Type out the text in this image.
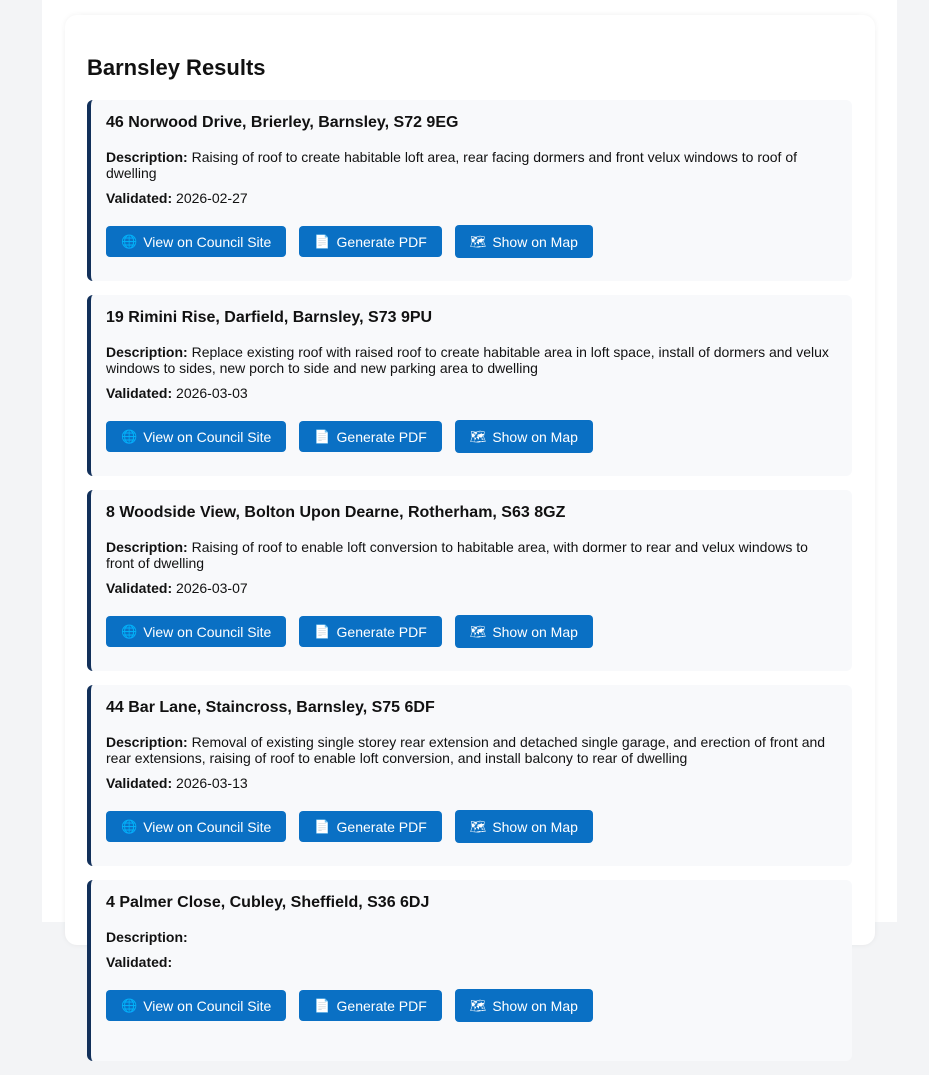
Barnsley Results
46 Norwood Drive, Brierley, Barnsley, S72 9EG

Description: Raising of roof to create habitable loft area, rear facing dormers and front velux windows to roof of dwelling

Validated: 2026-02-27

🌐 View on Council Site	📄 Generate PDF	🗺 Show on Map
19 Rimini Rise, Darfield, Barnsley, S73 9PU

Description: Replace existing roof with raised roof to create habitable area in loft space, install of dormers and velux windows to sides, new porch to side and new parking area to dwelling

Validated: 2026-03-03

🌐 View on Council Site	📄 Generate PDF	🗺 Show on Map
8 Woodside View, Bolton Upon Dearne, Rotherham, S63 8GZ

Description: Raising of roof to enable loft conversion to habitable area, with dormer to rear and velux windows to front of dwelling

Validated: 2026-03-07

🌐 View on Council Site	📄 Generate PDF	🗺 Show on Map
44 Bar Lane, Staincross, Barnsley, S75 6DF

Description: Removal of existing single storey rear extension and detached single garage, and erection of front and rear extensions, raising of roof to enable loft conversion, and install balcony to rear of dwelling

Validated: 2026-03-13

🌐 View on Council Site	📄 Generate PDF	🗺 Show on Map
4 Palmer Close, Cubley, Sheffield, S36 6DJ

Description:

Validated:

🌐 View on Council Site	📄 Generate PDF	🗺 Show on Map
